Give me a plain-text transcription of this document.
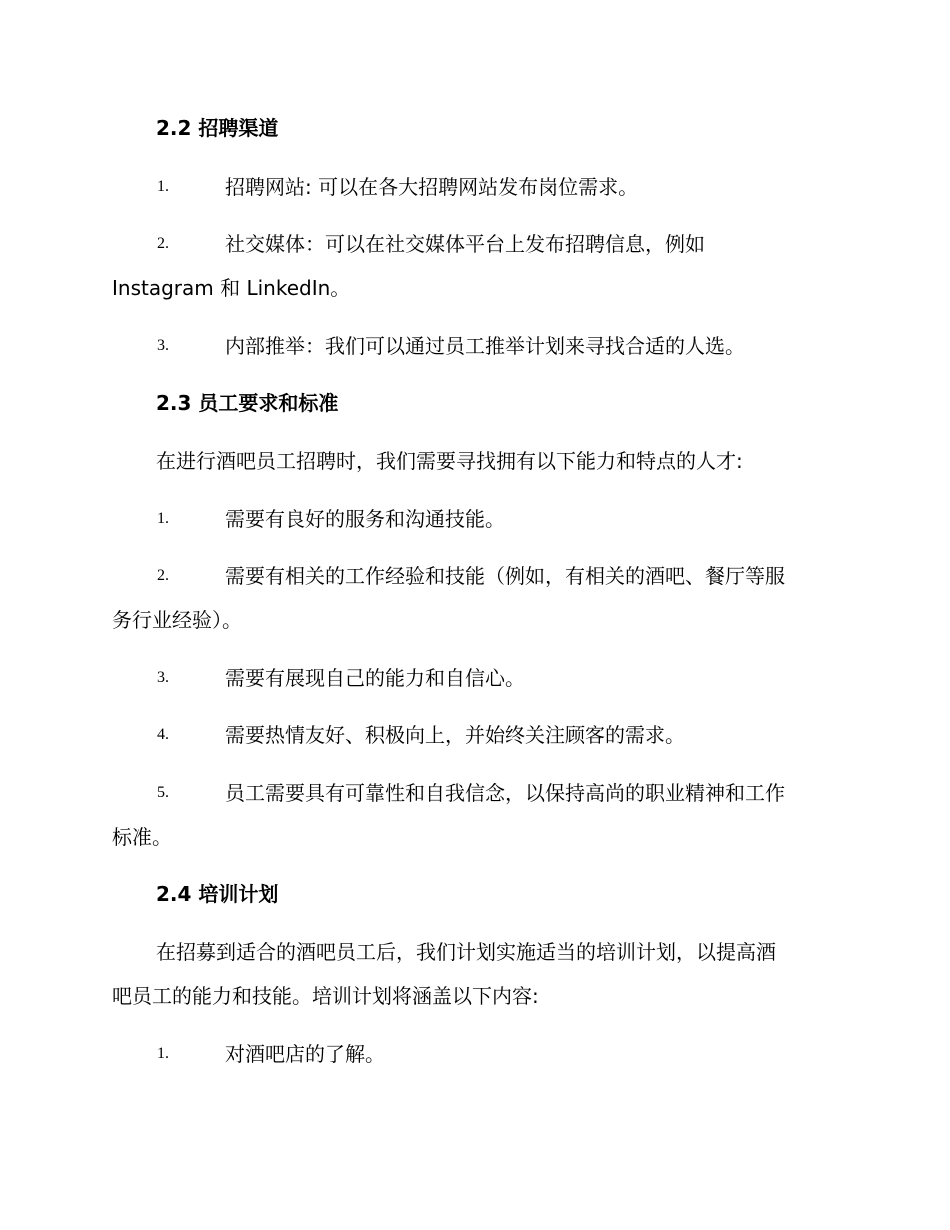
2.2 招聘渠道
1.	招聘网站: 可以在各大招聘网站发布岗位需求。
2.	社交媒体：可以在社交媒体平台上发布招聘信息，例如
Instagram 和 LinkedIn。
3.	内部推举：我们可以通过员工推举计划来寻找合适的人选。
2.3 员工要求和标准
在进行酒吧员工招聘时，我们需要寻找拥有以下能力和特点的人才:
1.	需要有良好的服务和沟通技能。
2.	需要有相关的工作经验和技能（例如，有相关的酒吧、餐厅等服
务行业经验）。
3.	需要有展现自己的能力和自信心。
4.	需要热情友好、积极向上，并始终关注顾客的需求。
5.	员工需要具有可靠性和自我信念，以保持高尚的职业精神和工作
标准。
2.4 培训计划
在招募到适合的酒吧员工后，我们计划实施适当的培训计划，以提高酒
吧员工的能力和技能。培训计划将涵盖以下内容:
1.	对酒吧店的了解。
